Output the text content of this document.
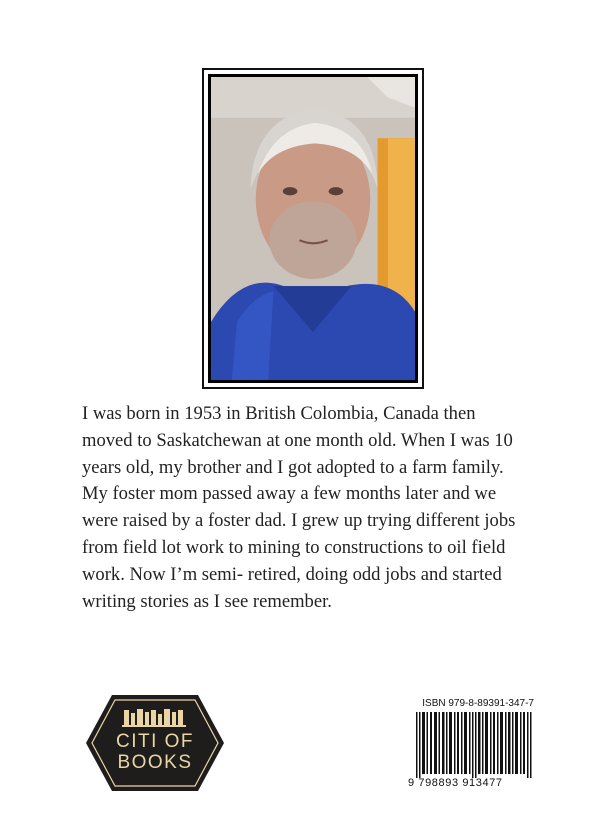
I was born in 1953 in British Colombia, Canada then
moved to Saskatchewan at one month old. When I was 10
years old, my brother and I got adopted to a farm family.
My foster mom passed away a few months later and we
were raised by a foster dad. I grew up trying different jobs
from field lot work to mining to constructions to oil field
work. Now I’m semi- retired, doing odd jobs and started
writing stories as I see remember.
CITI OF
BOOKS
ISBN 979-8-89391-347-7
9 798893 913477
